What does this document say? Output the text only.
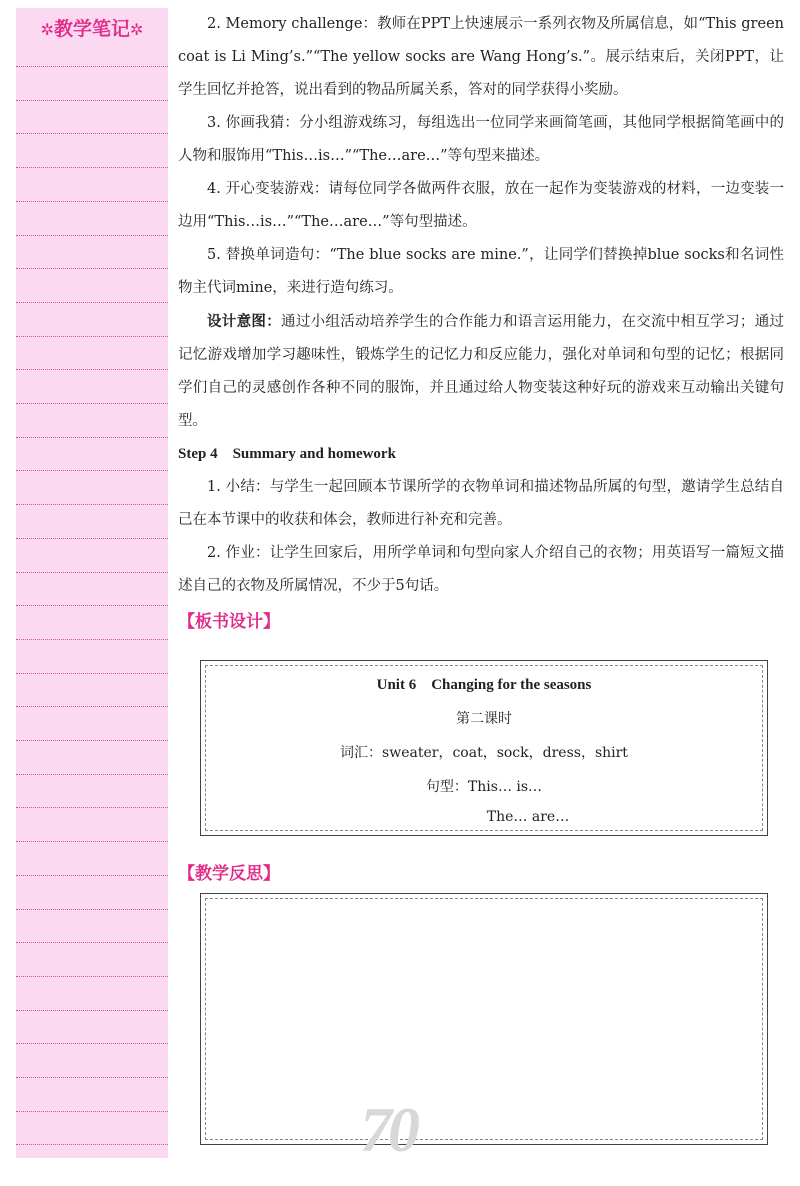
✲教学笔记✲	2. Memory challenge：教师在PPT上快速展示一系列衣物及所属信息，如“This green coat is Li Ming’s.”“The yellow socks are Wang Hong’s.”。展示结束后，关闭PPT，让学生回忆并抢答，说出看到的物品所属关系，答对的同学获得小奖励。

3. 你画我猜：分小组游戏练习，每组选出一位同学来画简笔画，其他同学根据简笔画中的人物和服饰用“This…is…”“The…are…”等句型来描述。

4. 开心变装游戏：请每位同学各做两件衣服，放在一起作为变装游戏的材料，一边变装一边用“This…is…”“The…are…”等句型描述。

5. 替换单词造句：“The blue socks are mine.”，让同学们替换掉blue socks和名词性物主代词mine，来进行造句练习。

设计意图：通过小组活动培养学生的合作能力和语言运用能力，在交流中相互学习；通过记忆游戏增加学习趣味性，锻炼学生的记忆力和反应能力，强化对单词和句型的记忆；根据同学们自己的灵感创作各种不同的服饰，并且通过给人物变装这种好玩的游戏来互动输出关键句型。

Step 4　Summary and homework

1. 小结：与学生一起回顾本节课所学的衣物单词和描述物品所属的句型，邀请学生总结自己在本节课中的收获和体会，教师进行补充和完善。

2. 作业：让学生回家后，用所学单词和句型向家人介绍自己的衣物；用英语写一篇短文描述自己的衣物及所属情况，不少于5句话。

【板书设计】

Unit 6　Changing for the seasons
第二课时
词汇：sweater，coat，sock，dress，shirt
句型：This… is…
The… are…
【教学反思】
70
